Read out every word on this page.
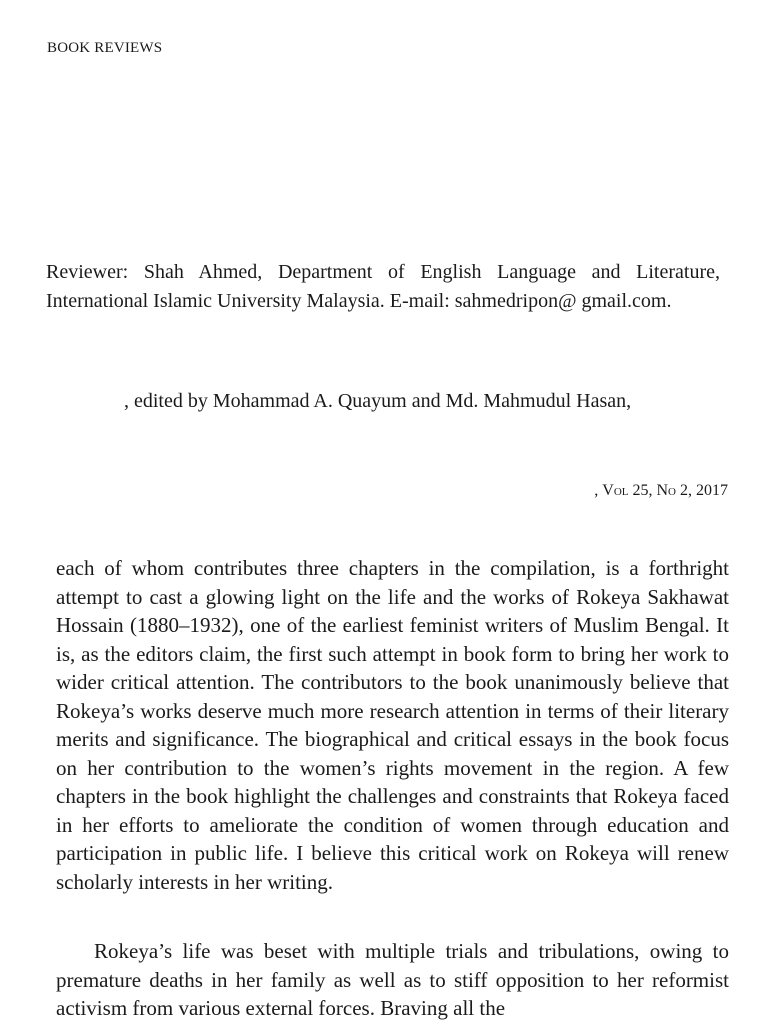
BOOK REVIEWS

Reviewer: Shah Ahmed, Department of English Language and Literature, International Islamic University Malaysia. E-mail: sahmedripon@ gmail.com.

, edited by Mohammad A. Quayum and Md. Mahmudul Hasan,
, Vol 25, No 2, 2017

each of whom contributes three chapters in the compilation, is a forthright attempt to cast a glowing light on the life and the works of Rokeya Sakhawat Hossain (1880–1932), one of the earliest feminist writers of Muslim Bengal. It is, as the editors claim, the first such attempt in book form to bring her work to wider critical attention. The contributors to the book unanimously believe that Rokeya’s works deserve much more research attention in terms of their literary merits and significance. The biographical and critical essays in the book focus on her contribution to the women’s rights movement in the region. A few chapters in the book highlight the challenges and constraints that Rokeya faced in her efforts to ameliorate the condition of women through education and participation in public life. I believe this critical work on Rokeya will renew scholarly interests in her writing.

Rokeya’s life was beset with multiple trials and tribulations, owing to premature deaths in her family as well as to stiff opposition to her reformist activism from various external forces. Braving all the
